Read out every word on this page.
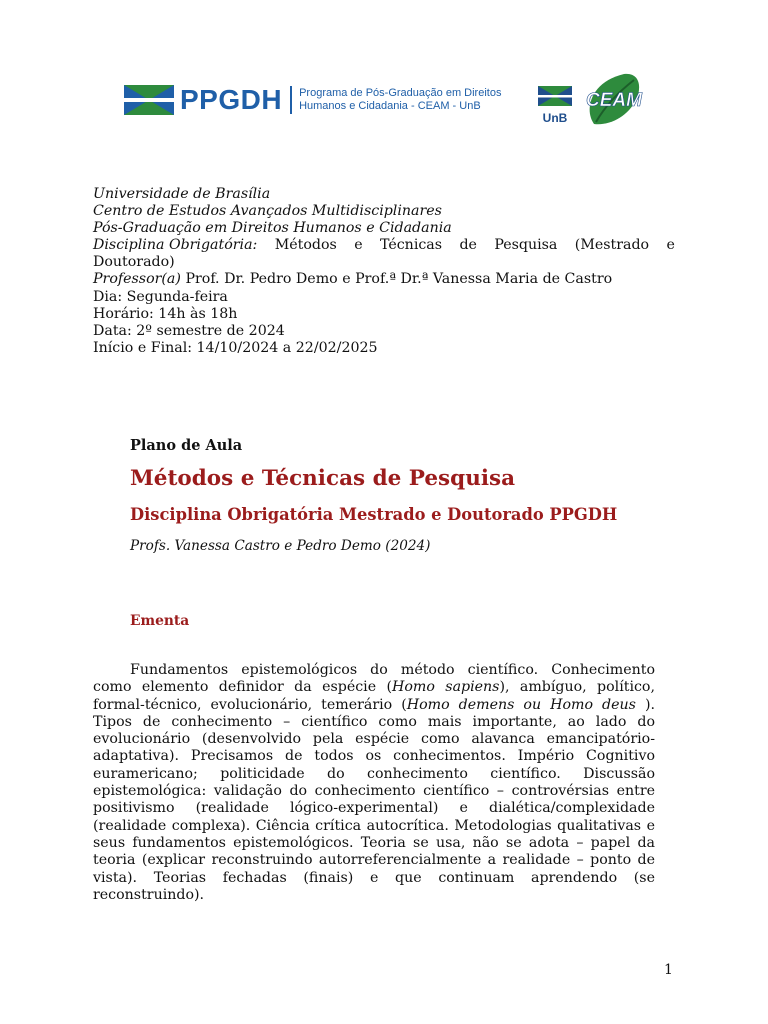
PPGDH Programa de Pós-Graduação em Direitos
Humanos e Cidadania - CEAM - UnB
UnB
CEAM
Universidade de Brasília
Centro de Estudos Avançados Multidisciplinares
Pós-Graduação em Direitos Humanos e Cidadania
Disciplina Obrigatória: Métodos e Técnicas de Pesquisa (Mestrado e
Doutorado)
Professor(a) Prof. Dr. Pedro Demo e Prof.ª Dr.ª Vanessa Maria de Castro
Dia: Segunda-feira
Horário: 14h às 18h
Data: 2º semestre de 2024
Início e Final: 14/10/2024 a 22/02/2025
Plano de Aula
Métodos e Técnicas de Pesquisa
Disciplina Obrigatória Mestrado e Doutorado PPGDH
Profs. Vanessa Castro e Pedro Demo (2024)
Ementa
Fundamentos epistemológicos do método científico. Conhecimento como elemento definidor da espécie (Homo sapiens), ambíguo, político, formal-técnico, evolucionário, temerário (Homo demens ou Homo deus ). Tipos de conhecimento – científico como mais importante, ao lado do evolucionário (desenvolvido pela espécie como alavanca emancipatório-adaptativa). Precisamos de todos os conhecimentos. Império Cognitivo euramericano; politicidade do conhecimento científico. Discussão epistemológica: validação do conhecimento científico – controvérsias entre positivismo (realidade lógico-experimental) e dialética/complexidade (realidade complexa). Ciência crítica autocrítica. Metodologias qualitativas e seus fundamentos epistemológicos. Teoria se usa, não se adota – papel da teoria (explicar reconstruindo autorreferencialmente a realidade – ponto de vista). Teorias fechadas (finais) e que continuam aprendendo (se reconstruindo).
1
